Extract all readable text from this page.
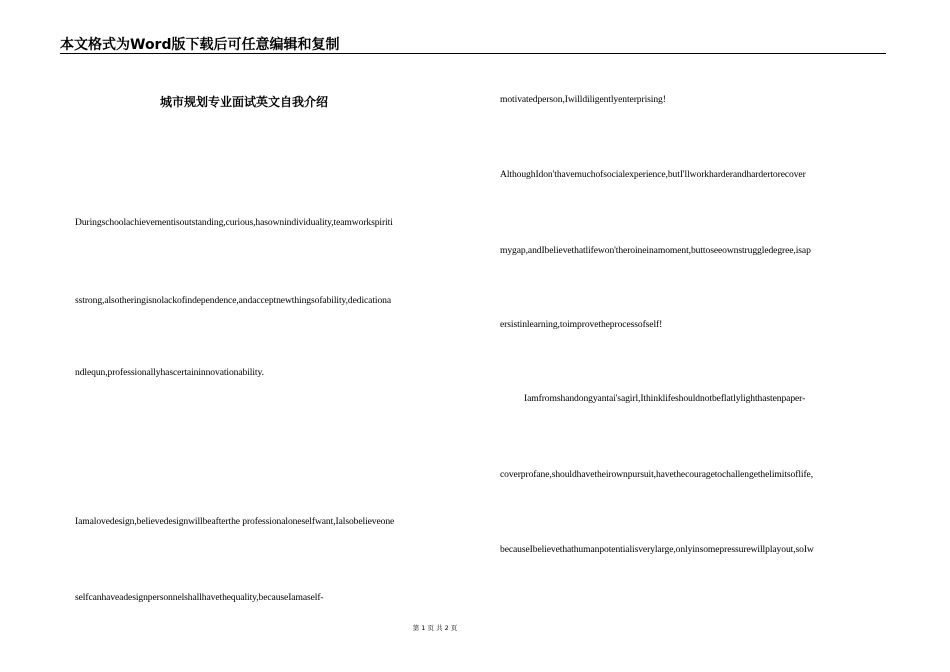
本文格式为Word版下载后可任意编辑和复制
城市规划专业面试英文自我介绍
Duringschoolachievementisoutstanding,curious,hasownindividuality,teamworkspiriti
sstrong,alsotheringisnolackofindependence,andacceptnewthingsofability,dedicationa
ndlequn,professionallyhascertaininnovationability.
Iamalovedesign,believedesignwillbeafterthe professionaloneselfwant,Ialsobelieveone
selfcanhaveadesignpersonnelshallhavethequality,becauseIamaself-
motivatedperson,Iwilldiligentlyenterprising!
AlthoughIdon'thavemuchofsocialexperience,butI'llworkharderandhardertorecover
mygap,andIbelievethatlifewon'theroineinamoment,buttoseeownstruggledegree,isap
ersistinlearning,toimprovetheprocessofself!
Iamfromshandongyantai'sagirl,Ithinklifeshouldnotbeflatlylighthastenpaper-
coverprofane,shouldhavetheirownpursuit,havethecouragetochallengethelimitsoflife,
becauseIbelievethathumanpotentialisverylarge,onlyinsomepressurewillplayout,soIw
第 1 页 共 2 页
